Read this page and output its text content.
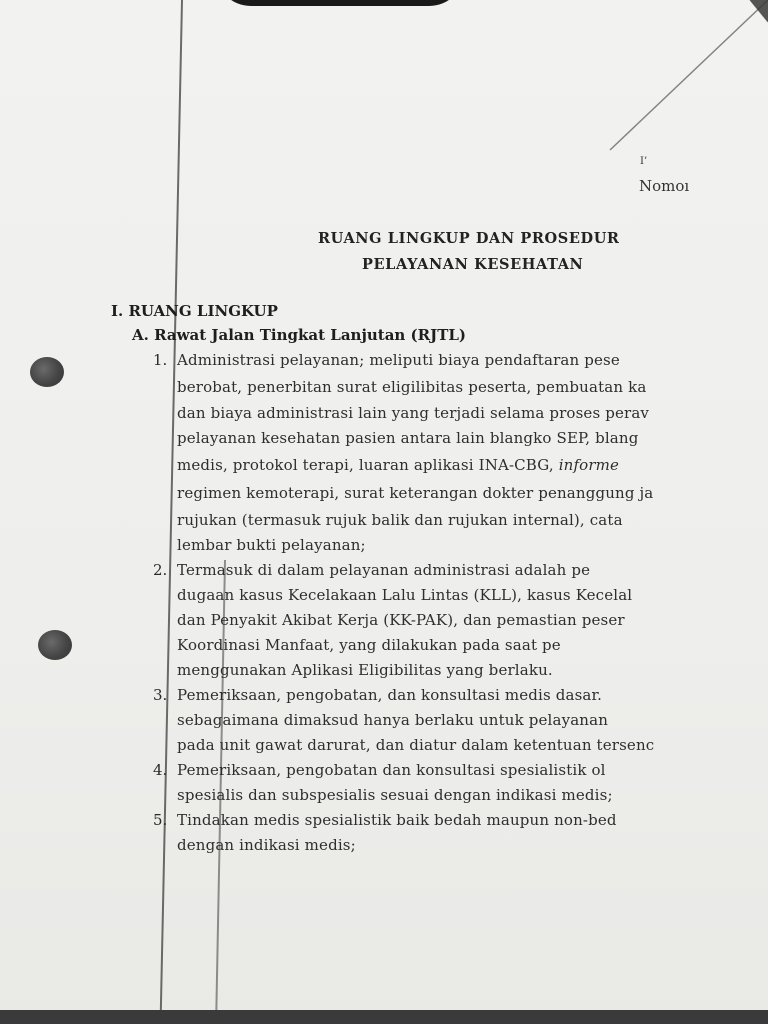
I’
Nomoı
RUANG LINGKUP DAN PROSEDUR
PELAYANAN KESEHATAN
I. RUANG LINGKUP
A. Rawat Jalan Tingkat Lanjutan (RJTL)
1. Administrasi pelayanan; meliputi biaya pendaftaran pese
berobat, penerbitan surat eligilibitas peserta, pembuatan ka
dan biaya administrasi lain yang terjadi selama proses perav
pelayanan kesehatan pasien antara lain blangko SEP, blang
medis, protokol terapi, luaran aplikasi INA-CBG, informe
regimen kemoterapi, surat keterangan dokter penanggung ja
rujukan (termasuk rujuk balik dan rujukan internal), cata
lembar bukti pelayanan;
2. Termasuk di dalam pelayanan administrasi adalah pe
dugaan kasus Kecelakaan Lalu Lintas (KLL), kasus Kecelal
dan Penyakit Akibat Kerja (KK-PAK), dan pemastian peser
Koordinasi Manfaat, yang dilakukan pada saat pe
menggunakan Aplikasi Eligibilitas yang berlaku.
3. Pemeriksaan, pengobatan, dan konsultasi medis dasar.
sebagaimana dimaksud hanya berlaku untuk pelayanan
pada unit gawat darurat, dan diatur dalam ketentuan tersenc
4. Pemeriksaan, pengobatan dan konsultasi spesialistik ol
spesialis dan subspesialis sesuai dengan indikasi medis;
5. Tindakan medis spesialistik baik bedah maupun non-bed
dengan indikasi medis;
